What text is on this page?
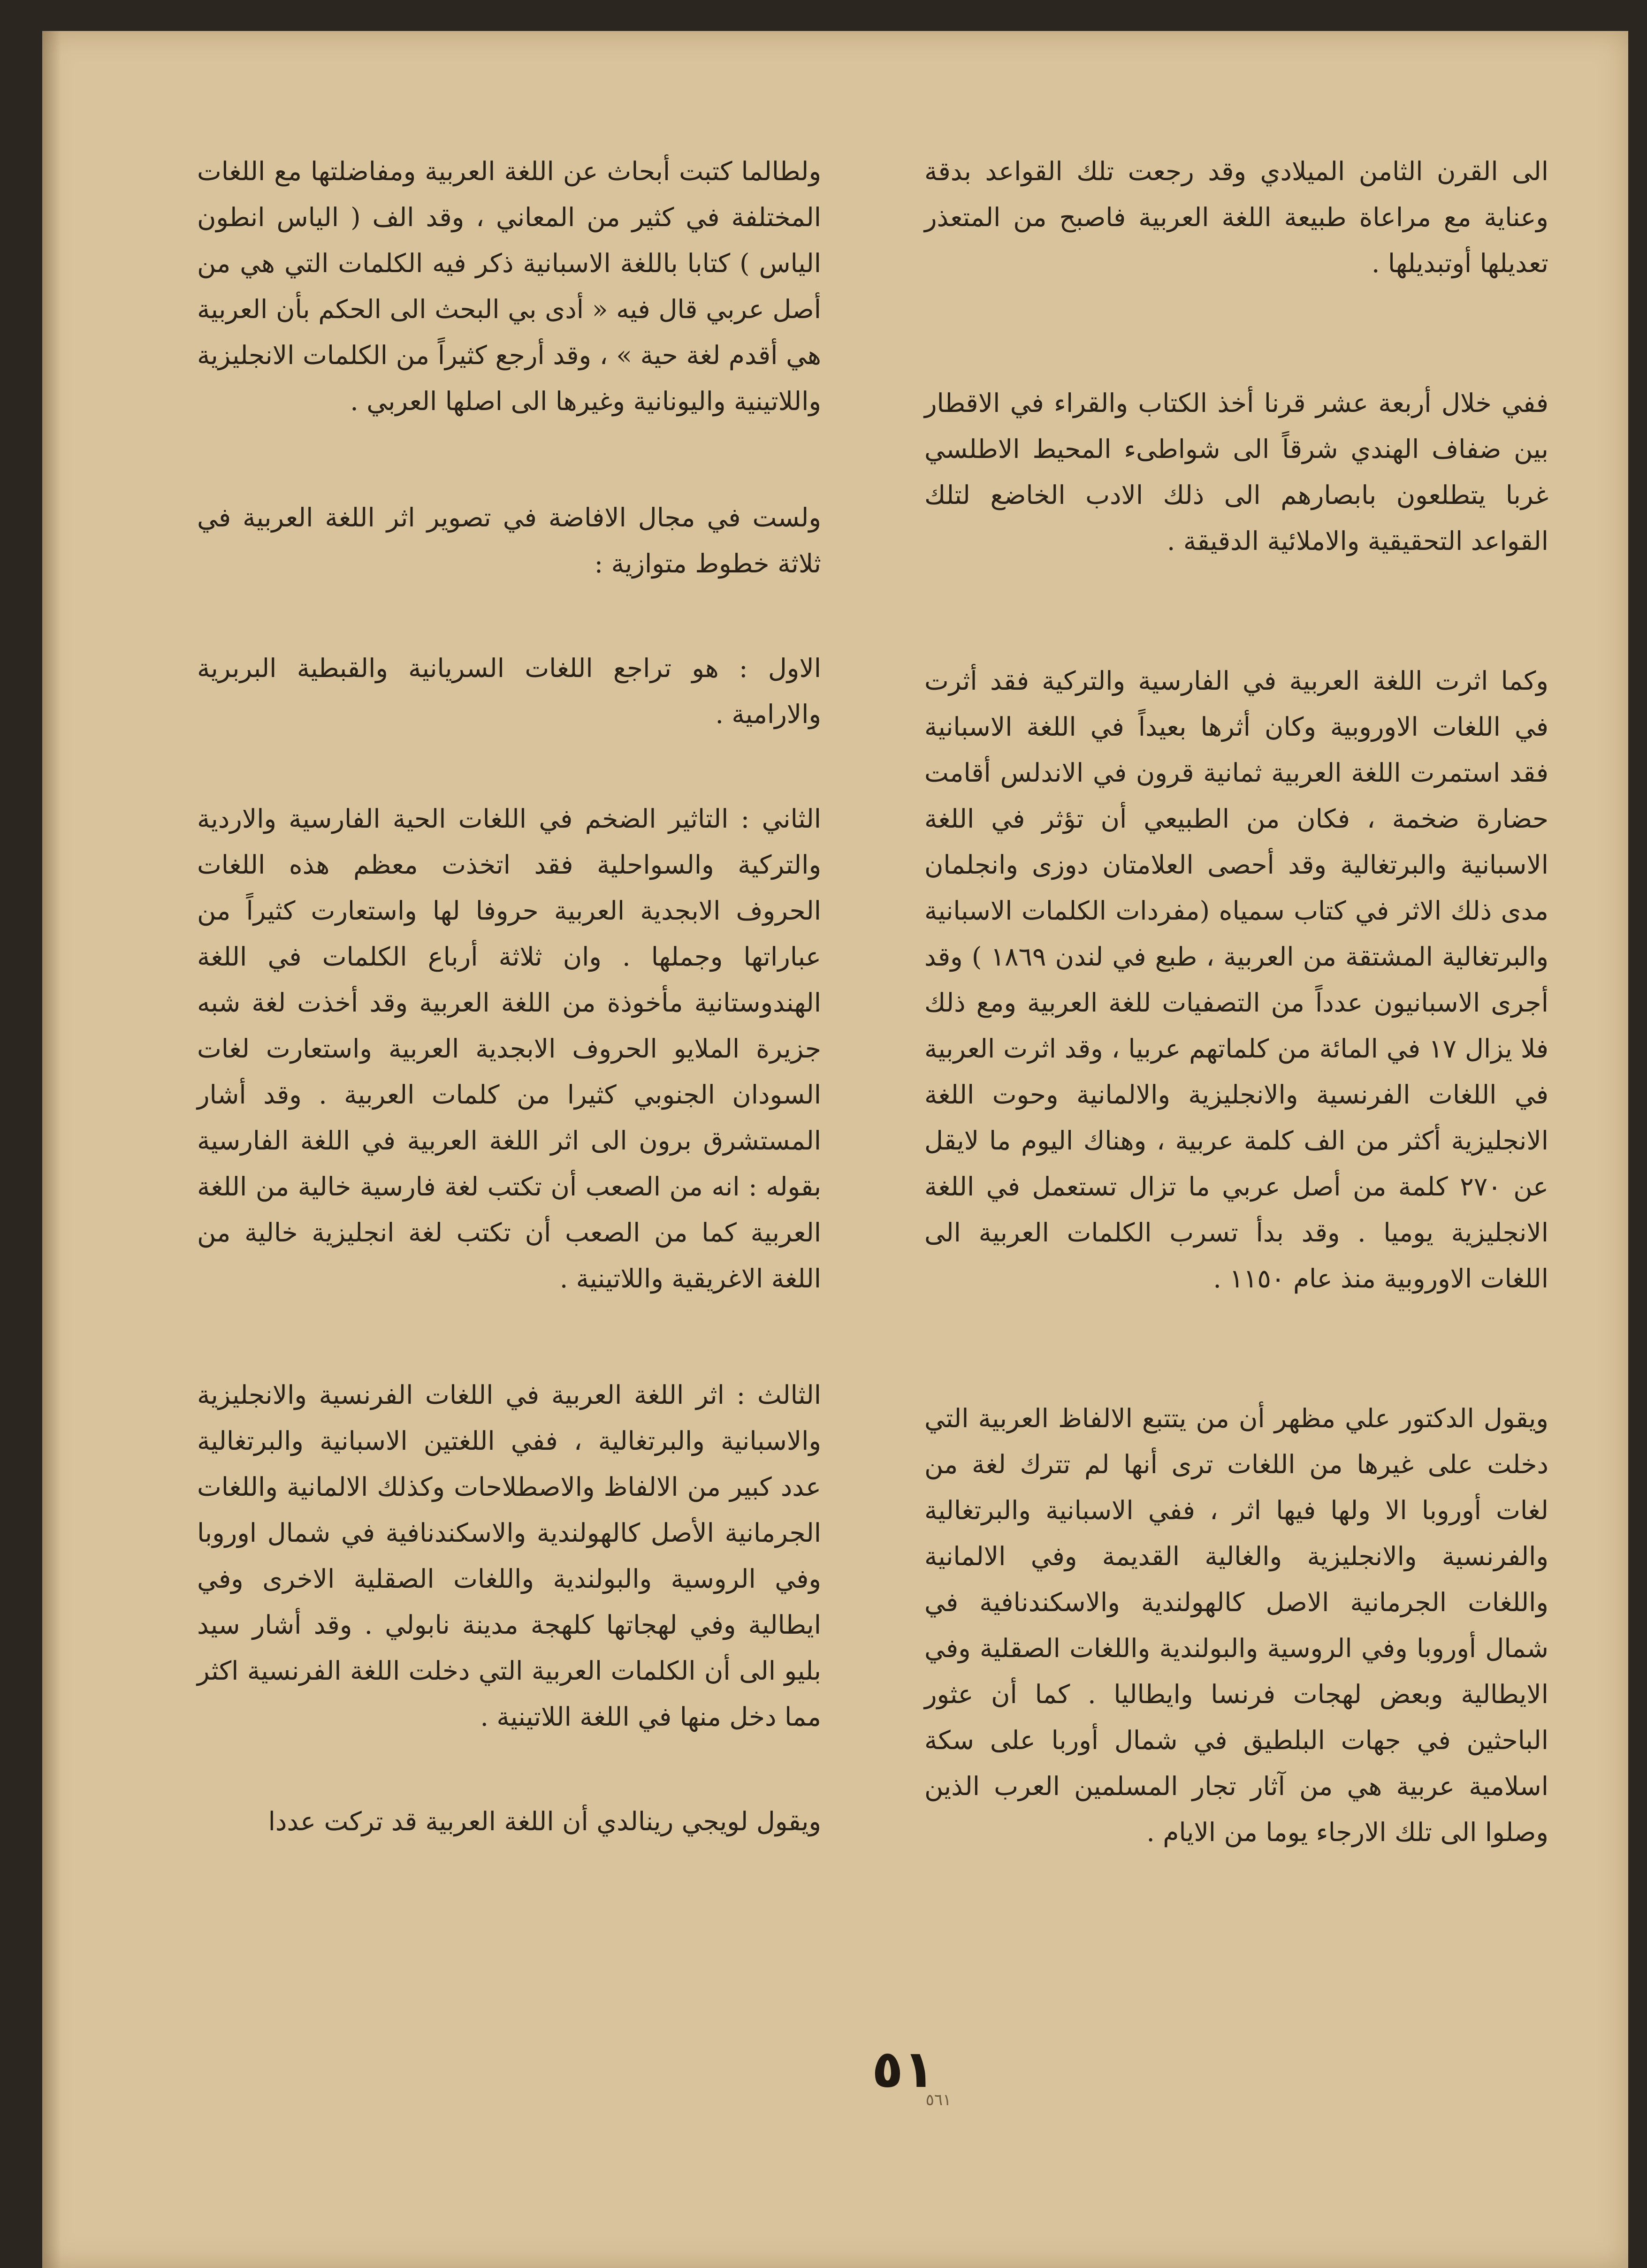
الى القرن الثامن الميلادي وقد رجعت تلك القواعد بدقة وعناية مع مراعاة طبيعة اللغة العربية فاصبح من المتعذر تعديلها أوتبديلها .

ففي خلال أربعة عشر قرنا أخذ الكتاب والقراء في الاقطار بين ضفاف الهندي شرقاً الى شواطىء المحيط الاطلسي غربا يتطلعون بابصارهم الى ذلك الادب الخاضع لتلك القواعد التحقيقية والاملائية الدقيقة .

وكما اثرت اللغة العربية في الفارسية والتركية فقد أثرت في اللغات الاوروبية وكان أثرها بعيداً في اللغة الاسبانية فقد استمرت اللغة العربية ثمانية قرون في الاندلس أقامت حضارة ضخمة ، فكان من الطبيعي أن تؤثر في اللغة الاسبانية والبرتغالية وقد أحصى العلامتان دوزى وانجلمان مدى ذلك الاثر في كتاب سمياه (مفردات الكلمات الاسبانية والبرتغالية المشتقة من العربية ، طبع في لندن ١٨٦٩ ) وقد أجرى الاسبانيون عدداً من التصفيات للغة العربية ومع ذلك فلا يزال ١٧ في المائة من كلماتهم عربيا ، وقد اثرت العربية في اللغات الفرنسية والانجليزية والالمانية وحوت اللغة الانجليزية أكثر من الف كلمة عربية ، وهناك اليوم ما لايقل عن ٢٧٠ كلمة من أصل عربي ما تزال تستعمل في اللغة الانجليزية يوميا . وقد بدأ تسرب الكلمات العربية الى اللغات الاوروبية منذ عام ١١٥٠ .

ويقول الدكتور علي مظهر أن من يتتبع الالفاظ العربية التي دخلت على غيرها من اللغات ترى أنها لم تترك لغة من لغات أوروبا الا ولها فيها اثر ، ففي الاسبانية والبرتغالية والفرنسية والانجليزية والغالية القديمة وفي الالمانية واللغات الجرمانية الاصل كالهولندية والاسكندنافية في شمال أوروبا وفي الروسية والبولندية واللغات الصقلية وفي الايطالية وبعض لهجات فرنسا وايطاليا . كما أن عثور الباحثين في جهات البلطيق في شمال أوربا على سكة اسلامية عربية هي من آثار تجار المسلمين العرب الذين وصلوا الى تلك الارجاء يوما من الايام .

ولطالما كتبت أبحاث عن اللغة العربية ومفاضلتها مع اللغات المختلفة في كثير من المعاني ، وقد الف ( الياس انطون الياس ) كتابا باللغة الاسبانية ذكر فيه الكلمات التي هي من أصل عربي قال فيه « أدى بي البحث الى الحكم بأن العربية هي أقدم لغة حية » ، وقد أرجع كثيراً من الكلمات الانجليزية واللاتينية واليونانية وغيرها الى اصلها العربي .

ولست في مجال الافاضة في تصوير اثر اللغة العربية في ثلاثة خطوط متوازية :

الاول : هو تراجع اللغات السريانية والقبطية البربرية والارامية .

الثاني : التاثير الضخم في اللغات الحية الفارسية والاردية والتركية والسواحلية فقد اتخذت معظم هذه اللغات الحروف الابجدية العربية حروفا لها واستعارت كثيراً من عباراتها وجملها . وان ثلاثة أرباع الكلمات في اللغة الهندوستانية مأخوذة من اللغة العربية وقد أخذت لغة شبه جزيرة الملايو الحروف الابجدية العربية واستعارت لغات السودان الجنوبي كثيرا من كلمات العربية . وقد أشار المستشرق برون الى اثر اللغة العربية في اللغة الفارسية بقوله : انه من الصعب أن تكتب لغة فارسية خالية من اللغة العربية كما من الصعب أن تكتب لغة انجليزية خالية من اللغة الاغريقية واللاتينية .

الثالث : اثر اللغة العربية في اللغات الفرنسية والانجليزية والاسبانية والبرتغالية ، ففي اللغتين الاسبانية والبرتغالية عدد كبير من الالفاظ والاصطلاحات وكذلك الالمانية واللغات الجرمانية الأصل كالهولندية والاسكندنافية في شمال اوروبا وفي الروسية والبولندية واللغات الصقلية الاخرى وفي ايطالية وفي لهجاتها كلهجة مدينة نابولي . وقد أشار سيد بليو الى أن الكلمات العربية التي دخلت اللغة الفرنسية اكثر مما دخل منها في اللغة اللاتينية .

ويقول لويجي رينالدي أن اللغة العربية قد تركت عددا

٥١
٥٦١
